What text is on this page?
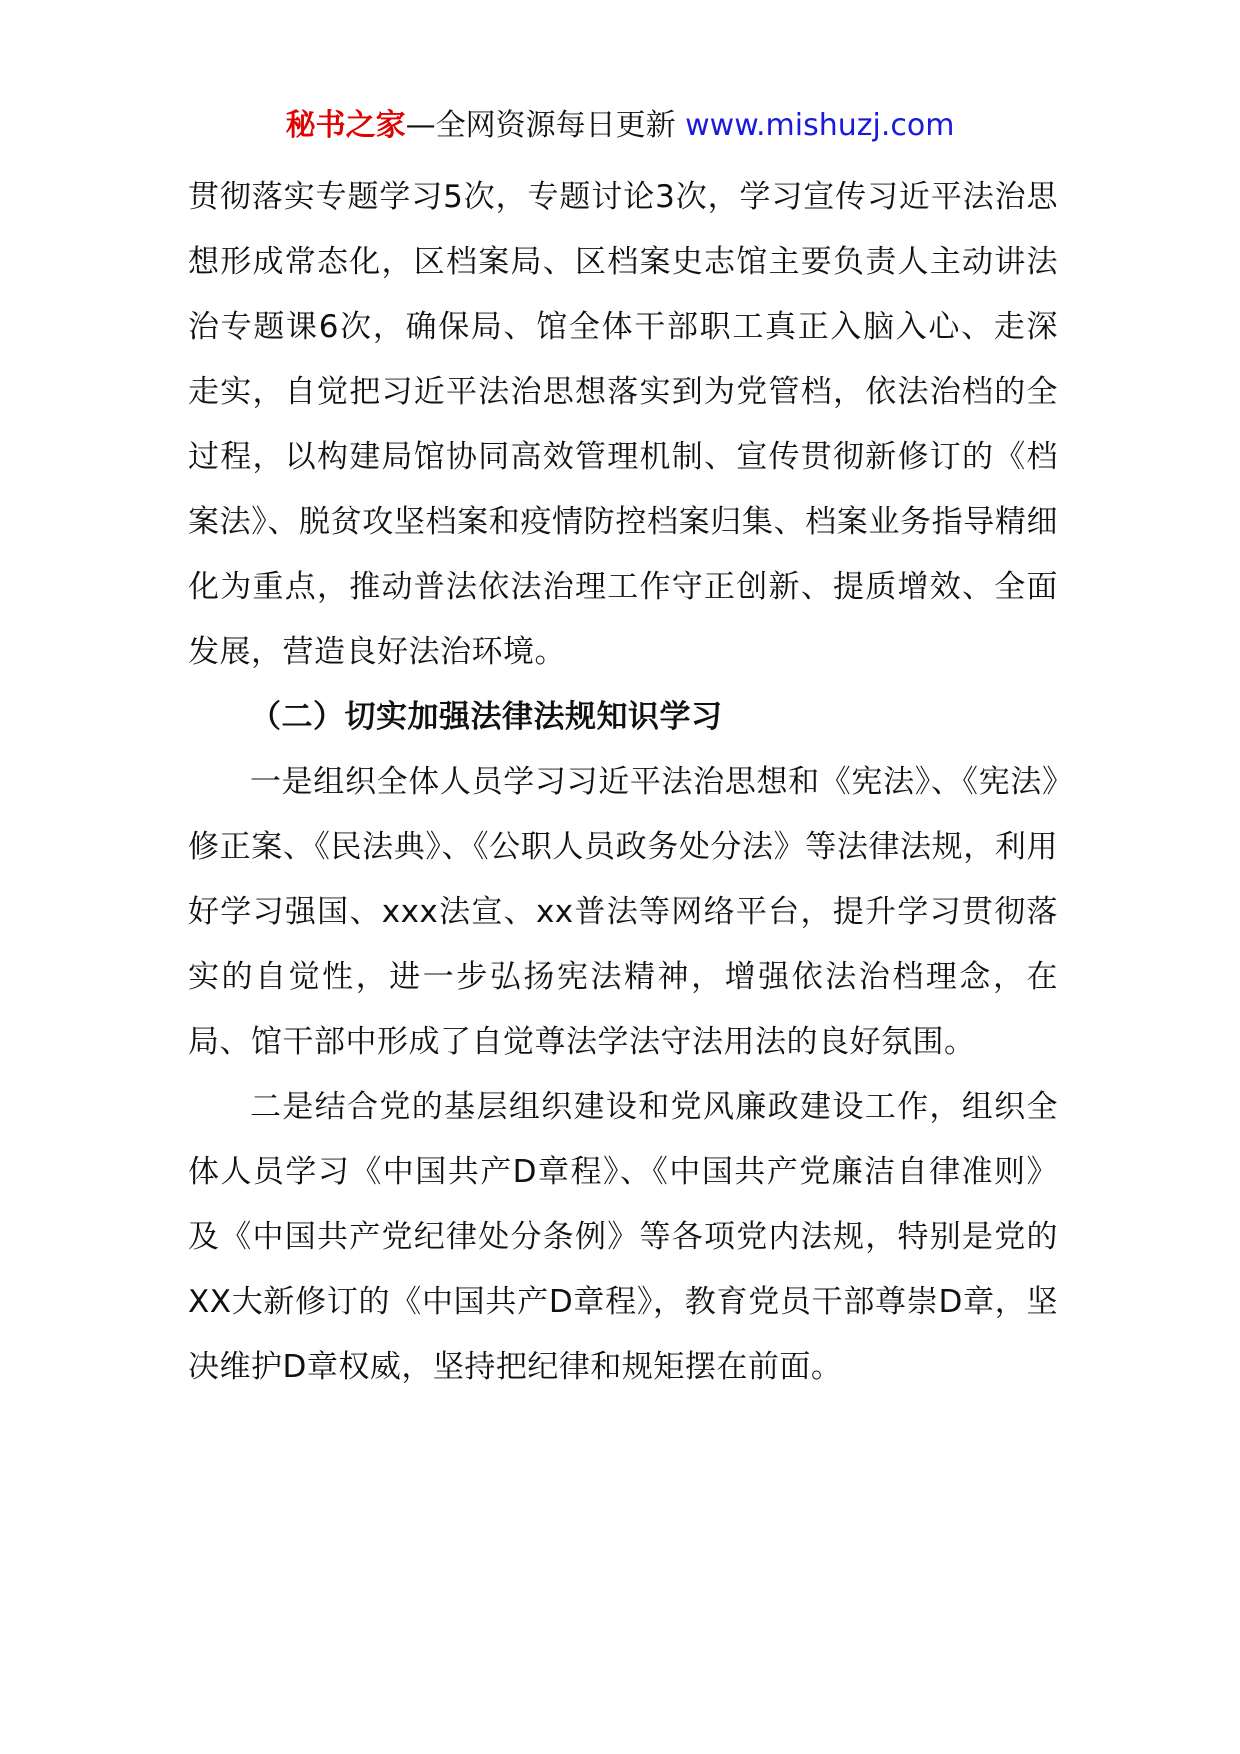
秘书之家—全网资源每日更新 www.mishuzj.com

贯彻落实专题学习5次，专题讨论3次，学习宣传习近平法治思想形成常态化，区档案局、区档案史志馆主要负责人主动讲法治专题课6次，确保局、馆全体干部职工真正入脑入心、走深走实，自觉把习近平法治思想落实到为党管档，依法治档的全过程，以构建局馆协同高效管理机制、宣传贯彻新修订的《档案法》、脱贫攻坚档案和疫情防控档案归集、档案业务指导精细化为重点，推动普法依法治理工作守正创新、提质增效、全面发展，营造良好法治环境。

（二）切实加强法律法规知识学习

一是组织全体人员学习习近平法治思想和《宪法》、《宪法》修正案、《民法典》、《公职人员政务处分法》等法律法规，利用好学习强国、xxx法宣、xx普法等网络平台，提升学习贯彻落实的自觉性，进一步弘扬宪法精神，增强依法治档理念，在局、馆干部中形成了自觉尊法学法守法用法的良好氛围。

二是结合党的基层组织建设和党风廉政建设工作，组织全体人员学习《中国共产D章程》、《中国共产党廉洁自律准则》及《中国共产党纪律处分条例》等各项党内法规，特别是党的XX大新修订的《中国共产D章程》，教育党员干部尊崇D章，坚决维护D章权威，坚持把纪律和规矩摆在前面。
